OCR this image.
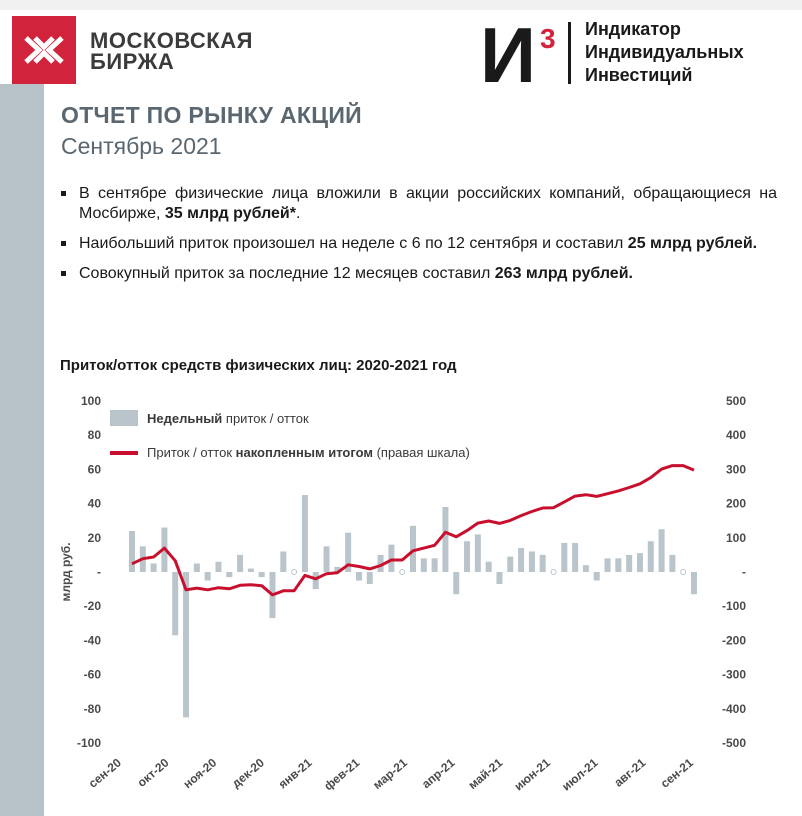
МОСКОВСКАЯ
БИРЖА	И 3 Индикатор
Индивидуальных
Инвестиций
ОТЧЕТ ПО РЫНКУ АКЦИЙ
Сентябрь 2021
В сентябре физические лица вложили в акции российских компаний, обращающиеся на Мосбирже, 35 млрд рублей*.
Наибольший приток произошел на неделе с 6 по 12 сентября и составил 25 млрд рублей.
Совокупный приток за последние 12 месяцев составил 263 млрд рублей.
Приток/отток средств физических лиц: 2020-2021 год
100
80
60
40
20
-
-20
-40
-60
-80
-100
500
400
300
200
100
-
-100
-200
-300
-400
-500
млрд руб.
сен-20 окт-20 ноя-20 дек-20 янв-21 фев-21 мар-21 апр-21 май-21 июн-21 июл-21 авг-21 сен-21
Недельный приток / отток
Приток / отток накопленным итогом (правая шкала)
